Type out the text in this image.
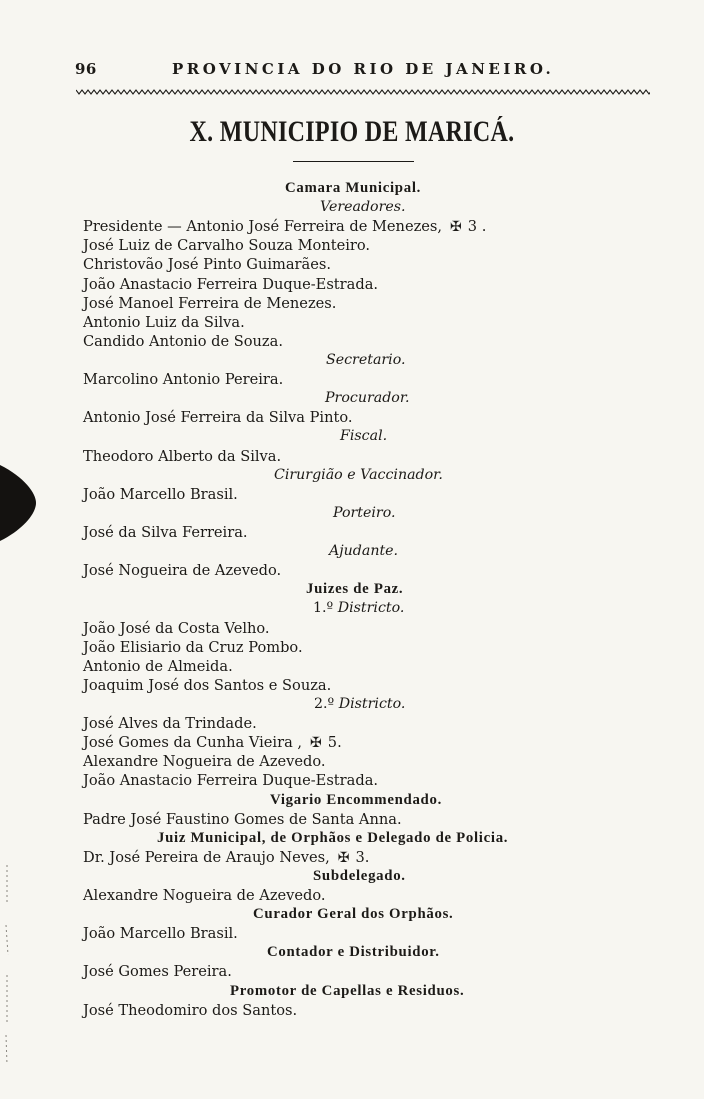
96	PROVINCIA DO RIO DE JANEIRO.
X. MUNICIPIO DE MARICÁ.
Camara Municipal.
Vereadores.
Presidente — Antonio José Ferreira de Menezes, ✠ 3 .
José Luiz de Carvalho Souza Monteiro.
Christovão José Pinto Guimarães.
João Anastacio Ferreira Duque-Estrada.
José Manoel Ferreira de Menezes.
Antonio Luiz da Silva.
Candido Antonio de Souza.
Secretario.
Marcolino Antonio Pereira.
Procurador.
Antonio José Ferreira da Silva Pinto.
Fiscal.
Theodoro Alberto da Silva.
Cirurgião e Vaccinador.
João Marcello Brasil.
Porteiro.
José da Silva Ferreira.
Ajudante.
José Nogueira de Azevedo.
Juizes de Paz.
1.º Districto.
João José da Costa Velho.
João Elisiario da Cruz Pombo.
Antonio de Almeida.
Joaquim José dos Santos e Souza.
2.º Districto.
José Alves da Trindade.
José Gomes da Cunha Vieira , ✠ 5.
Alexandre Nogueira de Azevedo.
João Anastacio Ferreira Duque-Estrada.
Vigario Encommendado.
Padre José Faustino Gomes de Santa Anna.
Juiz Municipal, de Orphãos e Delegado de Policia.
Dr. José Pereira de Araujo Neves, ✠ 3.
Subdelegado.
Alexandre Nogueira de Azevedo.
Curador Geral dos Orphãos.
João Marcello Brasil.
Contador e Distribuidor.
José Gomes Pereira.
Promotor de Capellas e Residuos.
José Theodomiro dos Santos.
